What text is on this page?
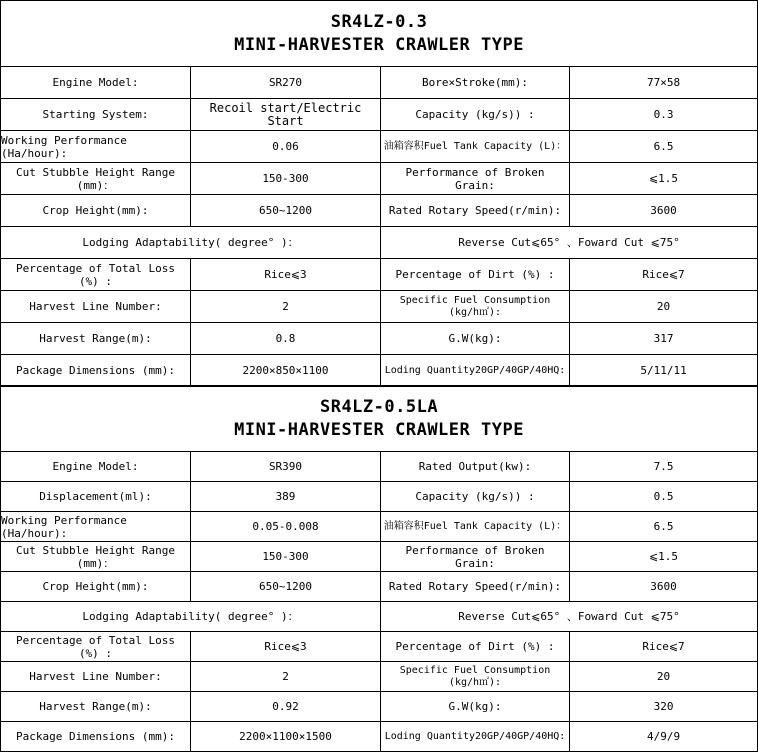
SR4LZ-0.3
MINI-HARVESTER CRAWLER TYPE			

Engine Model:	SR270	Bore×Stroke(mm):	77×58
Starting System:	Recoil start/Electric Start	Capacity (kg/s)) :	0.3
Working Performance (Ha/hour):	0.06	油箱容积Fuel Tank Capacity (L)：	6.5
Cut Stubble Height Range (mm)：	150-300	Performance of Broken Grain:	⩽1.5
Crop Height(mm):	650~1200	Rated Rotary Speed(r/min):	3600
Lodging Adaptability( degree° )：		Reverse Cut⩽65° 、Foward Cut ⩽75°	
Percentage of Total Loss (%) :	Rice⩽3	Percentage of Dirt (%) :	Rice⩽7
Harvest Line Number:	2	Specific Fuel Consumption (kg/h㎡):	20
Harvest Range(m):	0.8	G.W(kg):	317
Package Dimensions (mm):	2200×850×1100	Loding Quantity20GP/40GP/40HQ:	5/11/11
SR4LZ-0.5LA
MINI-HARVESTER CRAWLER TYPE			

Engine Model:	SR390	Rated Output(kw):	7.5
Displacement(ml):	389	Capacity (kg/s)) :	0.5
Working Performance (Ha/hour):	0.05-0.008	油箱容积Fuel Tank Capacity (L)：	6.5
Cut Stubble Height Range (mm)：	150-300	Performance of Broken Grain:	⩽1.5
Crop Height(mm):	650~1200	Rated Rotary Speed(r/min):	3600
Lodging Adaptability( degree° )：		Reverse Cut⩽65° 、Foward Cut ⩽75°	
Percentage of Total Loss (%) :	Rice⩽3	Percentage of Dirt (%) :	Rice⩽7
Harvest Line Number:	2	Specific Fuel Consumption (kg/h㎡):	20
Harvest Range(m):	0.92	G.W(kg):	320
Package Dimensions (mm):	2200×1100×1500	Loding Quantity20GP/40GP/40HQ:	4/9/9
